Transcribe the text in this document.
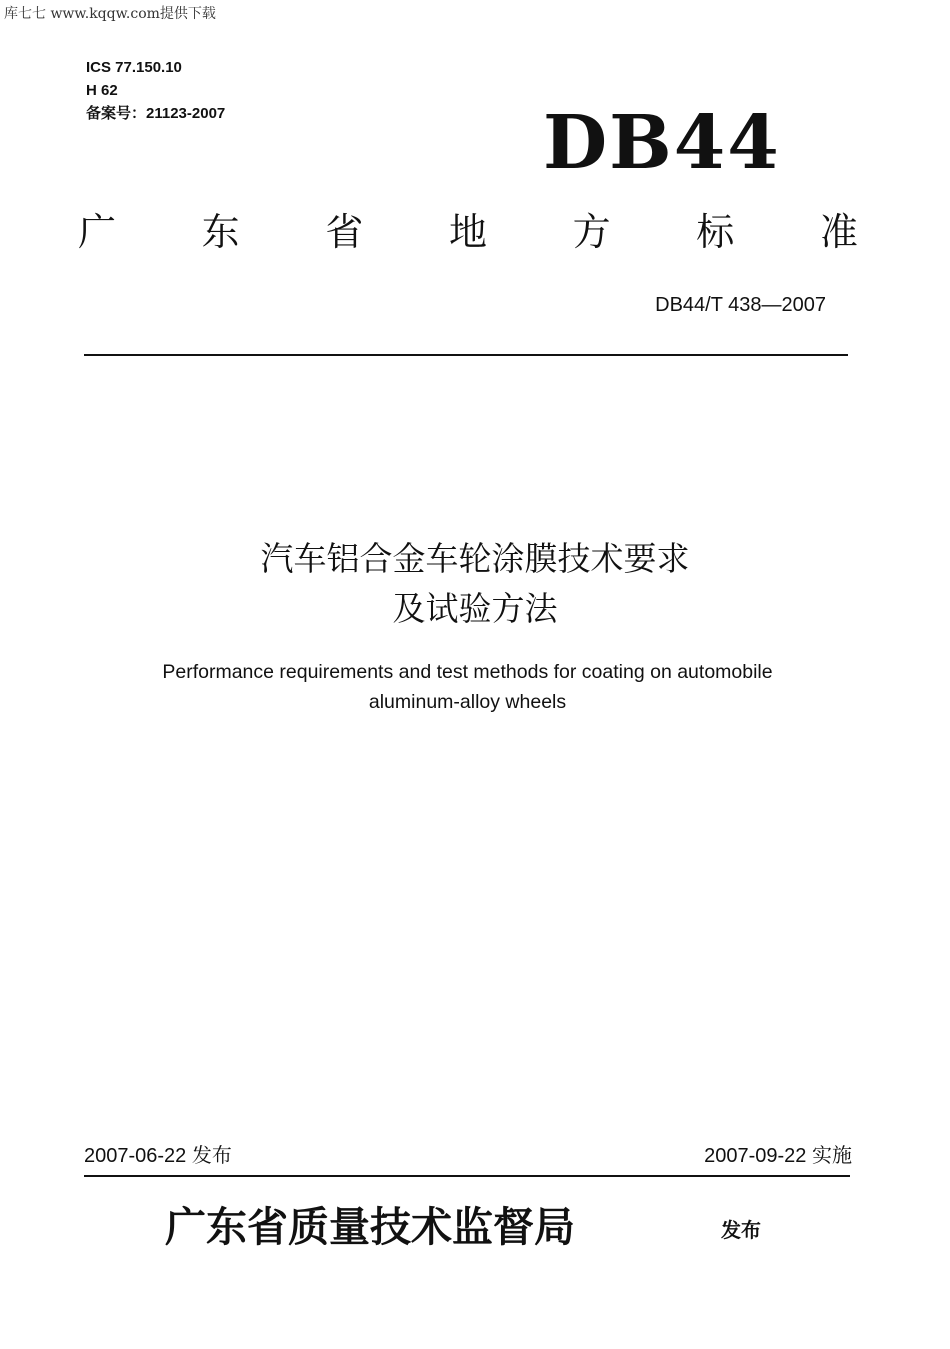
库七七 www.kqqw.com提供下载
ICS 77.150.10
H 62
备案号：21123-2007	DB44
广 东 省 地 方 标 准
DB44/T 438—2007
汽车铝合金车轮涂膜技术要求
及试验方法
Performance requirements and test methods for coating on automobile
aluminum-alloy wheels
2007-06-22 发布	2007-09-22 实施
广东省质量技术监督局	发布
